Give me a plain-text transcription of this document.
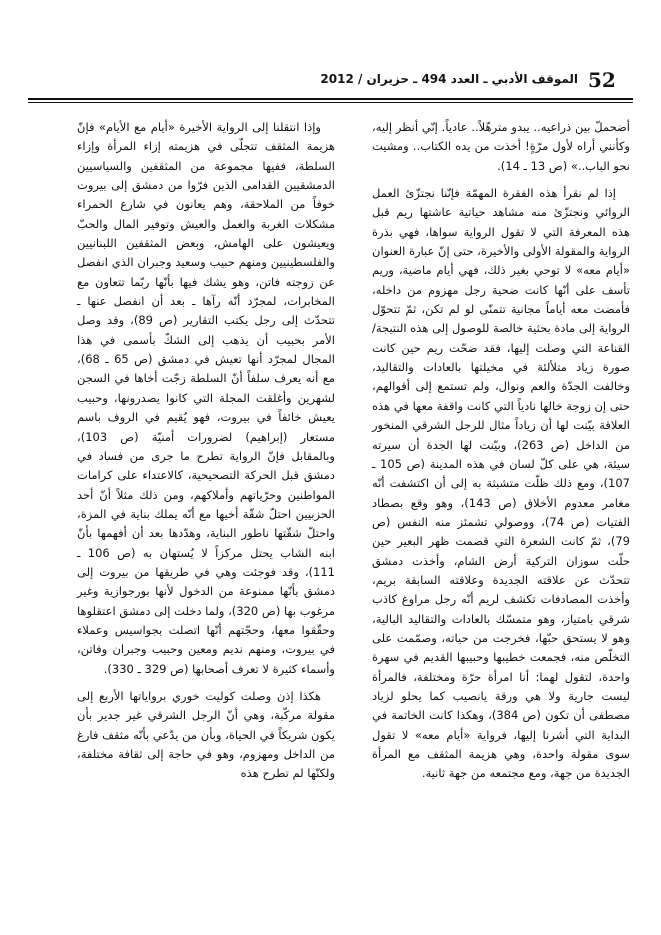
52
الموقف الأدبي ـ العدد 494 ـ حزيران / 2012

أضحملّ بين ذراعيه.. يبدو مترهّلاً.. عادياً. إنّي أنظر إليه، وكأنني أراه لأول مرّةٍ! أخذت من يده الكتاب.. ومشيت نحو الباب..» (ص 13 ـ 14).

إذا لم نقرأ هذه الفقرة المهمّة فإنّنا نجتزّئ العمل الروائي ونجتزّئ منه مشاهد حياتية عاشتها ريم قبل هذه المعرفة التي لا تقول الرواية سواها، فهي بذرة الرواية والمقولة الأولى والأخيرة، حتى إنّ عبارة العنوان «أيام معه» لا توحي بغير ذلك، فهي أيام ماضية، وريم تأسف على أنّها كانت ضحية رجل مهزوم من داخله، فأمضت معه أياماً مجانية تتمنّى لو لم تكن، ثمّ تتحوّل الرواية إلى مادة بحثية خالصة للوصول إلى هذه النتيجة/ القناعة التي وصلت إليها، فقد ضحّت ريم حين كانت صورة زياد متلألئة في مخيلتها بالعادات والتقاليد، وخالفت الجدّة والعم ونوال، ولم تستمع إلى أقوالهم، حتى إن زوجة خالها نادياً التي كانت واقفة معها في هذه العلاقة بيّنت لها أن زياداً مثال للرجل الشرقي المنخور من الداخل (ص 263)، وبيّنت لها الجدة أن سيرته سيئة، هي على كلّ لسان في هذه المدينة (ص 105 ـ 107)، ومع ذلك ظلّت متشبثة به إلى أن اكتشفت أنّه مغامر معدوم الأخلاق (ص 143)، وهو وقع بصطاد الفتيات (ص 74)، ووصولي تشمئز منه النفس (ص 79)، ثمّ كانت الشعرة التي قصمت ظهر البعير حين حلّت سوزان التركية أرض الشام، وأخذت دمشق تتحدّث عن علاقته الجديدة وعلاقته السابقة بريم، وأخذت المصادفات تكشف لريم أنّه رجل مراوغ كاذب شرقي بامتياز، وهو متمسّك بالعادات والتقاليد البالية، وهو لا يستحق حبّها، فخرجت من حياته، وصمّمت على التخلّص منه، فجمعت خطيبها وحبيبها القديم في سهرة واحدة، لتقول لهما: أنا امرأة حرّة ومختلفة، فالمرأة ليست جارية ولا هي ورقة يانصيب كما يحلو لزياد مصطفى أن تكون (ص 384)، وهكذا كانت الخاتمة في البداية التي أشرنا إليها، فرواية «أيام معه» لا تقول سوى مقولة واحدة، وهي هزيمة المثقف مع المرأة الجديدة من جهة، ومع مجتمعه من جهة ثانية.

وإذا انتقلنا إلى الرواية الأخيرة «أيام مع الأيام» فإنّ هزيمة المثقف تتجلّى في هزيمته إزاء المرأة وإزاء السلطة، ففيها مجموعة من المثقفين والسياسيين الدمشقيين القدامى الذين فرّوا من دمشق إلى بيروت خوفاً من الملاحقة، وهم يعانون في شارع الحمراء مشكلات الغربة والعمل والعيش وتوفير المال والحبّ ويعيشون على الهامش، وبعض المثقفين اللبنانيين والفلسطينيين ومنهم حبيب وسعيد وجبران الذي انفصل عن زوجته فاتن، وهو يشك فيها بأنّها ربّما تتعاون مع المخابرات، لمجرّد أنّه رآها ـ بعد أن انفصل عنها ـ تتحدّث إلى رجل يكتب التقارير (ص 89)، وقد وصل الأمر بحبيب أن يذهب إلى الشكّ بأسمى في هذا المجال لمجرّد أنها تعيش في دمشق (ص 65 ـ 68)، مع أنه يعرف سلفاً أنّ السلطة زجّت أخاها في السجن لشهرين وأغلقت المجلة التي كانوا يصدرونها، وحبيب يعيش خائفاً في بيروت، فهو يُقيم في الروف باسم مستعار (إبراهيم) لضرورات أمنيّة (ص 103)، وبالمقابل فإنّ الرواية تطرح ما جرى من فساد في دمشق قبل الحركة التصحيحية، كالاعتداء على كرامات المواطنين وحرّياتهم وأملاكهم، ومن ذلك مثلاً أنّ أحد الحزبيين احتلّ شقّة أخيها مع أنّه يملك بناية في المزة، واحتلّ شقّتها ناطور البناية، وهدّدها بعد أن أفهمها بأنّ ابنه الشاب يحتل مركزاً لا يُستهان به (ص 106 ـ 111)، وقد فوجئت وهي في طريقها من بيروت إلى دمشق بأنّها ممنوعة من الدخول لأنها بورجوازية وغير مرغوب بها (ص 320)، ولما دخلت إلى دمشق اعتقلوها وحقّقوا معها، وحجّتهم أنّها اتصلت بجواسيس وعملاء في بيروت، ومنهم نديم ومعين وحبيب وجبران وفاتن، وأسماء كثيرة لا تعرف أصحابها (ص 329 ـ 330).

هكذا إذن وصلت كوليت خوري برواياتها الأربع إلى مقولة مركّبة، وهي أنّ الرجل الشرقي غير جدير بأن يكون شريكاً في الحياة، وبأن من يدّعي بأنّه مثقف فارغ من الداخل ومهزوم، وهو في حاجة إلى ثقافة مختلفة، ولكنّها لم تطرح هذه
